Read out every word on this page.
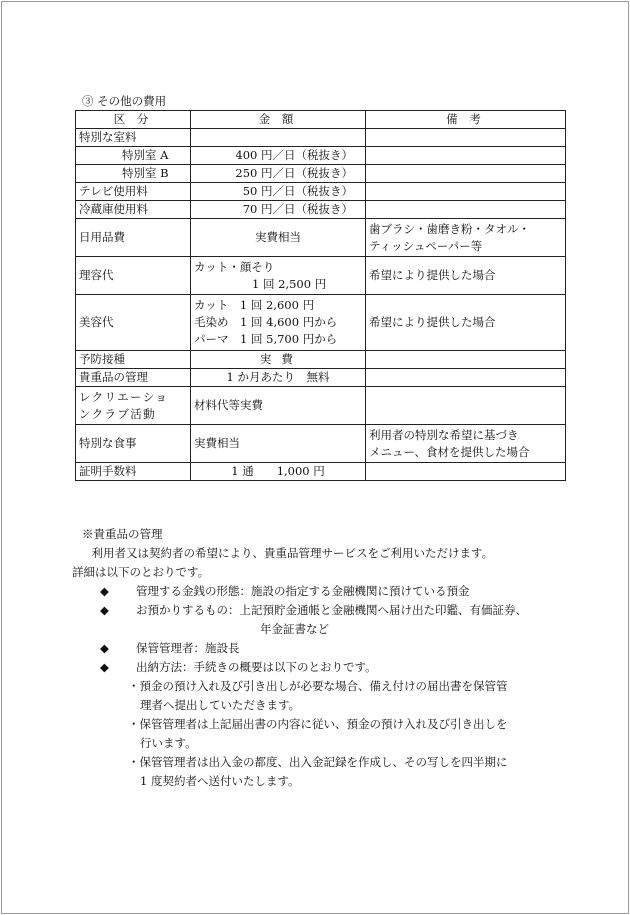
③ その他の費用
区 分	金 額	備 考
特別な室料		
特別室 A	400 円／日（税抜き）	
特別室 B	250 円／日（税抜き）	
テレビ使用料	50 円／日（税抜き）	
冷蔵庫使用料	70 円／日（税抜き）	
日用品費	実費相当	歯ブラシ・歯磨き粉・タオル・
ティッシュペーパー等

理容代	カット・顔そり
1 回 2,500 円	希望により提供した場合
美容代	カット　1 回 2,600 円
毛染め　1 回 4,600 円から
パーマ　1 回 5,700 円から	希望により提供した場合
予防接種	実 費	
貴重品の管理	1 か月あたり　無料	

レクリエーショ
ンクラブ活動	材料代等実費	
特別な食事	実費相当	利用者の特別な希望に基づき
メニュー、食材を提供した場合

証明手数料	1 通　　1,000 円	

※貴重品の管理

　利用者又は契約者の希望により、貴重品管理サービスをご利用いただけます。

詳細は以下のとおりです。

◆	管理する金銭の形態：施設の指定する金融機関に預けている預金
◆	お預かりするもの：上記預貯金通帳と金融機関へ届け出た印鑑、有価証券、

年金証書など

◆	保管管理者：施設長
◆	出納方法：手続きの概要は以下のとおりです。

・預金の預け入れ及び引き出しが必要な場合、備え付けの届出書を保管管

理者へ提出していただきます。

・保管管理者は上記届出書の内容に従い、預金の預け入れ及び引き出しを

行います。

・保管管理者は出入金の都度、出入金記録を作成し、その写しを四半期に

1 度契約者へ送付いたします。
